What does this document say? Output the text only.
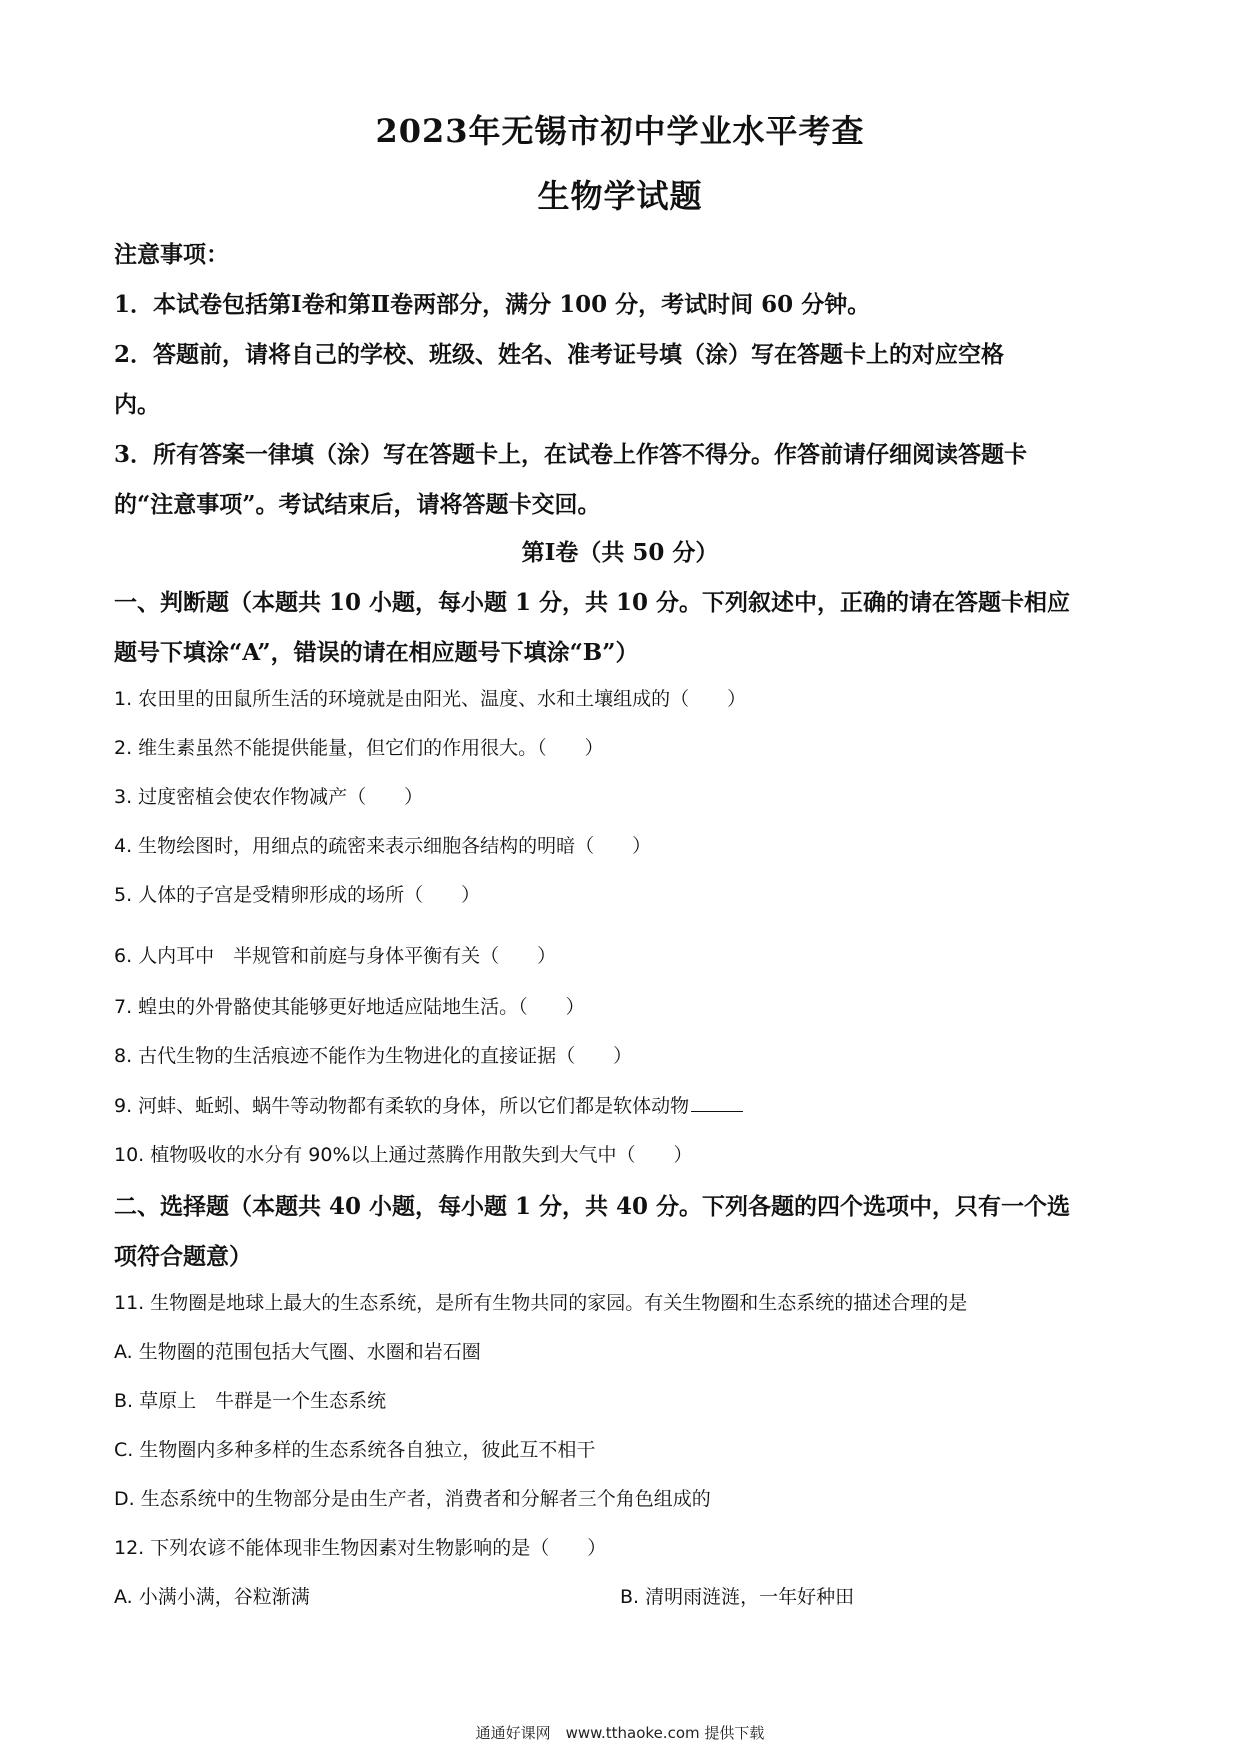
2023年无锡市初中学业水平考查
生物学试题
注意事项：
1．本试卷包括第Ⅰ卷和第Ⅱ卷两部分，满分 100 分，考试时间 60 分钟。
2．答题前，请将自己的学校、班级、姓名、准考证号填（涂）写在答题卡上的对应空格
内。
3．所有答案一律填（涂）写在答题卡上，在试卷上作答不得分。作答前请仔细阅读答题卡
的“注意事项”。考试结束后，请将答题卡交回。
第Ⅰ卷（共 50 分）
一、判断题（本题共 10 小题，每小题 1 分，共 10 分。下列叙述中，正确的请在答题卡相应
题号下填涂“A”，错误的请在相应题号下填涂“B”）
1. 农田里的田鼠所生活的环境就是由阳光、温度、水和土壤组成的（　　）
2. 维生素虽然不能提供能量，但它们的作用很大。（　　）
3. 过度密植会使农作物减产（　　）
4. 生物绘图时，用细点的疏密来表示细胞各结构的明暗（　　）
5. 人体的子宫是受精卵形成的场所（　　）
6. 人内耳中　半规管和前庭与身体平衡有关（　　）
7. 蝗虫的外骨骼使其能够更好地适应陆地生活。（　　）
8. 古代生物的生活痕迹不能作为生物进化的直接证据（　　）
9. 河蚌、蚯蚓、蜗牛等动物都有柔软的身体，所以它们都是软体动物
10. 植物吸收的水分有 90%以上通过蒸腾作用散失到大气中（　　）
二、选择题（本题共 40 小题，每小题 1 分，共 40 分。下列各题的四个选项中，只有一个选
项符合题意）
11. 生物圈是地球上最大的生态系统，是所有生物共同的家园。有关生物圈和生态系统的描述合理的是
A. 生物圈的范围包括大气圈、水圈和岩石圈
B. 草原上　牛群是一个生态系统
C. 生物圈内多种多样的生态系统各自独立，彼此互不相干
D. 生态系统中的生物部分是由生产者，消费者和分解者三个角色组成的
12. 下列农谚不能体现非生物因素对生物影响的是（　　）
A. 小满小满，谷粒渐满	B. 清明雨涟涟，一年好种田
通通好课网　www.tthaoke.com 提供下载
